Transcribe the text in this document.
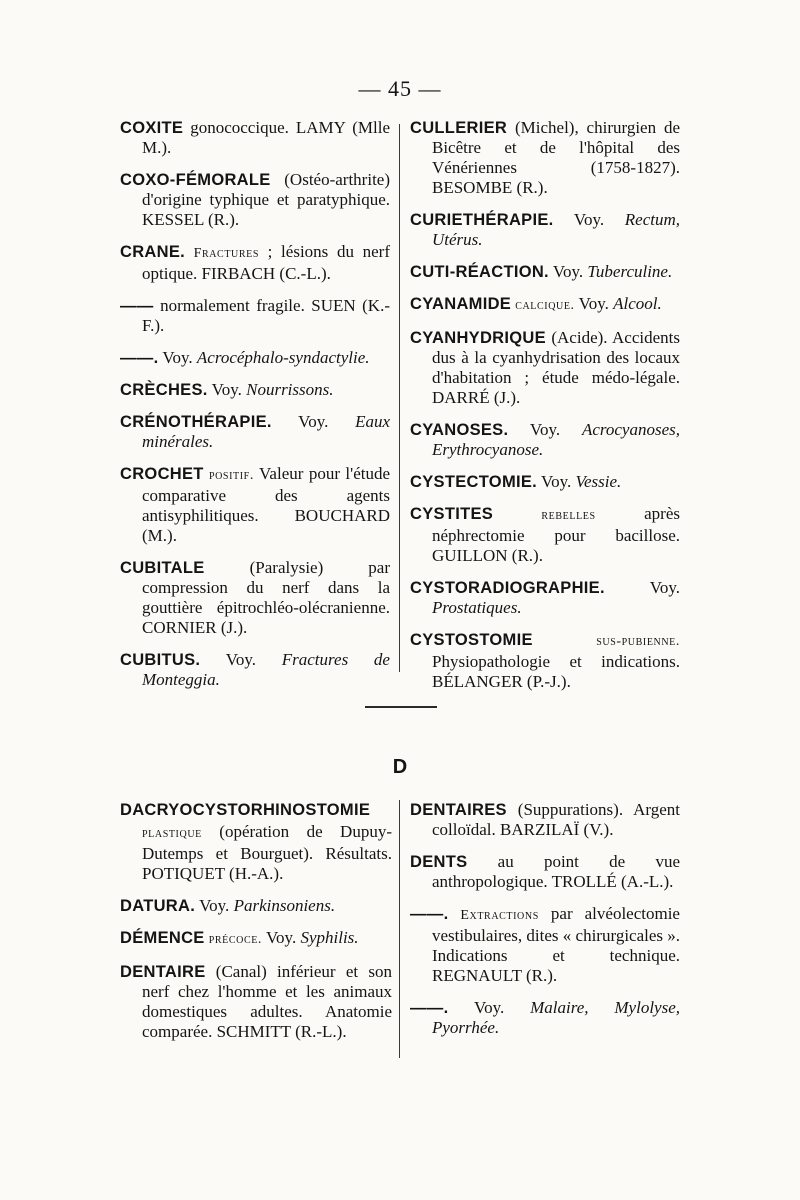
— 45 —
COXITE gonococcique. LAMY (Mlle M.).
COXO-FÉMORALE (Ostéo-arthrite) d'origine typhique et paratyphique. KESSEL (R.).
CRANE. Fractures ; lésions du nerf optique. FIRBACH (C.-L.).
—— normalement fragile. SUEN (K.-F.).
——. Voy. Acrocéphalo-syndactylie.
CRÈCHES. Voy. Nourrissons.
CRÉNOTHÉRAPIE. Voy. Eaux minérales.
CROCHET positif. Valeur pour l'étude comparative des agents antisyphilitiques. BOUCHARD (M.).
CUBITALE (Paralysie) par compression du nerf dans la gouttière épitrochléo-olécranienne. CORNIER (J.).
CUBITUS. Voy. Fractures de Monteggia.
CULLERIER (Michel), chirurgien de Bicêtre et de l'hôpital des Vénériennes (1758-1827). BESOMBE (R.).
CURIETHÉRAPIE. Voy. Rectum, Utérus.
CUTI-RÉACTION. Voy. Tuberculine.
CYANAMIDE calcique. Voy. Alcool.
CYANHYDRIQUE (Acide). Accidents dus à la cyanhydrisation des locaux d'habitation ; étude médo-légale. DARRÉ (J.).
CYANOSES. Voy. Acrocyanoses, Erythrocyanose.
CYSTECTOMIE. Voy. Vessie.
CYSTITES rebelles après néphrectomie pour bacillose. GUILLON (R.).
CYSTORADIOGRAPHIE. Voy. Prostatiques.
CYSTOSTOMIE sus-pubienne. Physiopathologie et indications. BÉLANGER (P.-J.).
D
DACRYOCYSTORHINOSTOMIE plastique (opération de Dupuy-Dutemps et Bourguet). Résultats. POTIQUET (H.-A.).
DATURA. Voy. Parkinsoniens.
DÉMENCE précoce. Voy. Syphilis.
DENTAIRE (Canal) inférieur et son nerf chez l'homme et les animaux domestiques adultes. Anatomie comparée. SCHMITT (R.-L.).
DENTAIRES (Suppurations). Argent colloïdal. BARZILAÏ (V.).
DENTS au point de vue anthropologique. TROLLÉ (A.-L.).
——. Extractions par alvéolectomie vestibulaires, dites « chirurgicales ». Indications et technique. REGNAULT (R.).
——. Voy. Malaire, Mylolyse, Pyorrhée.
